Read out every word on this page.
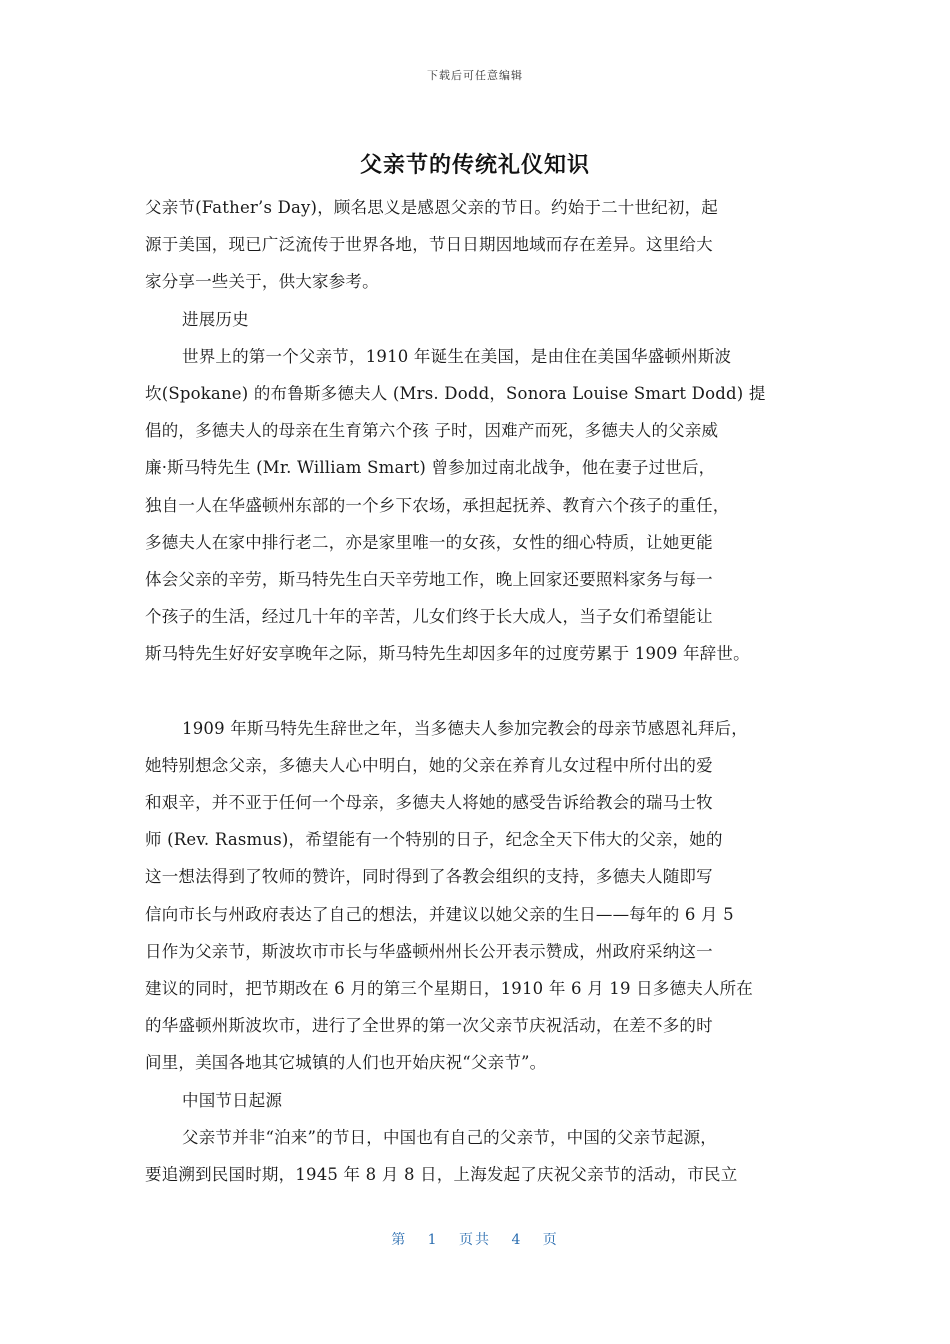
下载后可任意编辑
父亲节的传统礼仪知识
父亲节(Father’s Day)，顾名思义是感恩父亲的节日。约始于二十世纪初，起
源于美国，现已广泛流传于世界各地，节日日期因地域而存在差异。这里给大
家分享一些关于，供大家参考。
进展历史
世界上的第一个父亲节，1910 年诞生在美国，是由住在美国华盛顿州斯波
坎(Spokane) 的布鲁斯多德夫人 (Mrs. Dodd，Sonora Louise Smart Dodd) 提
倡的，多德夫人的母亲在生育第六个孩 子时，因难产而死，多德夫人的父亲威
廉·斯马特先生 (Mr. William Smart) 曾参加过南北战争，他在妻子过世后，
独自一人在华盛顿州东部的一个乡下农场，承担起抚养、教育六个孩子的重任，
多德夫人在家中排行老二，亦是家里唯一的女孩，女性的细心特质，让她更能
体会父亲的辛劳，斯马特先生白天辛劳地工作，晚上回家还要照料家务与每一
个孩子的生活，经过几十年的辛苦，儿女们终于长大成人，当子女们希望能让
斯马特先生好好安享晚年之际，斯马特先生却因多年的过度劳累于 1909 年辞世。
1909 年斯马特先生辞世之年，当多德夫人参加完教会的母亲节感恩礼拜后，
她特别想念父亲，多德夫人心中明白，她的父亲在养育儿女过程中所付出的爱
和艰辛，并不亚于任何一个母亲，多德夫人将她的感受告诉给教会的瑞马士牧
师 (Rev. Rasmus)，希望能有一个特别的日子，纪念全天下伟大的父亲，她的
这一想法得到了牧师的赞许，同时得到了各教会组织的支持，多德夫人随即写
信向市长与州政府表达了自己的想法，并建议以她父亲的生日——每年的 6 月 5
日作为父亲节，斯波坎市市长与华盛顿州州长公开表示赞成，州政府采纳这一
建议的同时，把节期改在 6 月的第三个星期日，1910 年 6 月 19 日多德夫人所在
的华盛顿州斯波坎市，进行了全世界的第一次父亲节庆祝活动，在差不多的时
间里，美国各地其它城镇的人们也开始庆祝“父亲节”。
中国节日起源
父亲节并非“泊来”的节日，中国也有自己的父亲节，中国的父亲节起源，
要追溯到民国时期，1945 年 8 月 8 日，上海发起了庆祝父亲节的活动，市民立
第 1 页共 4 页
